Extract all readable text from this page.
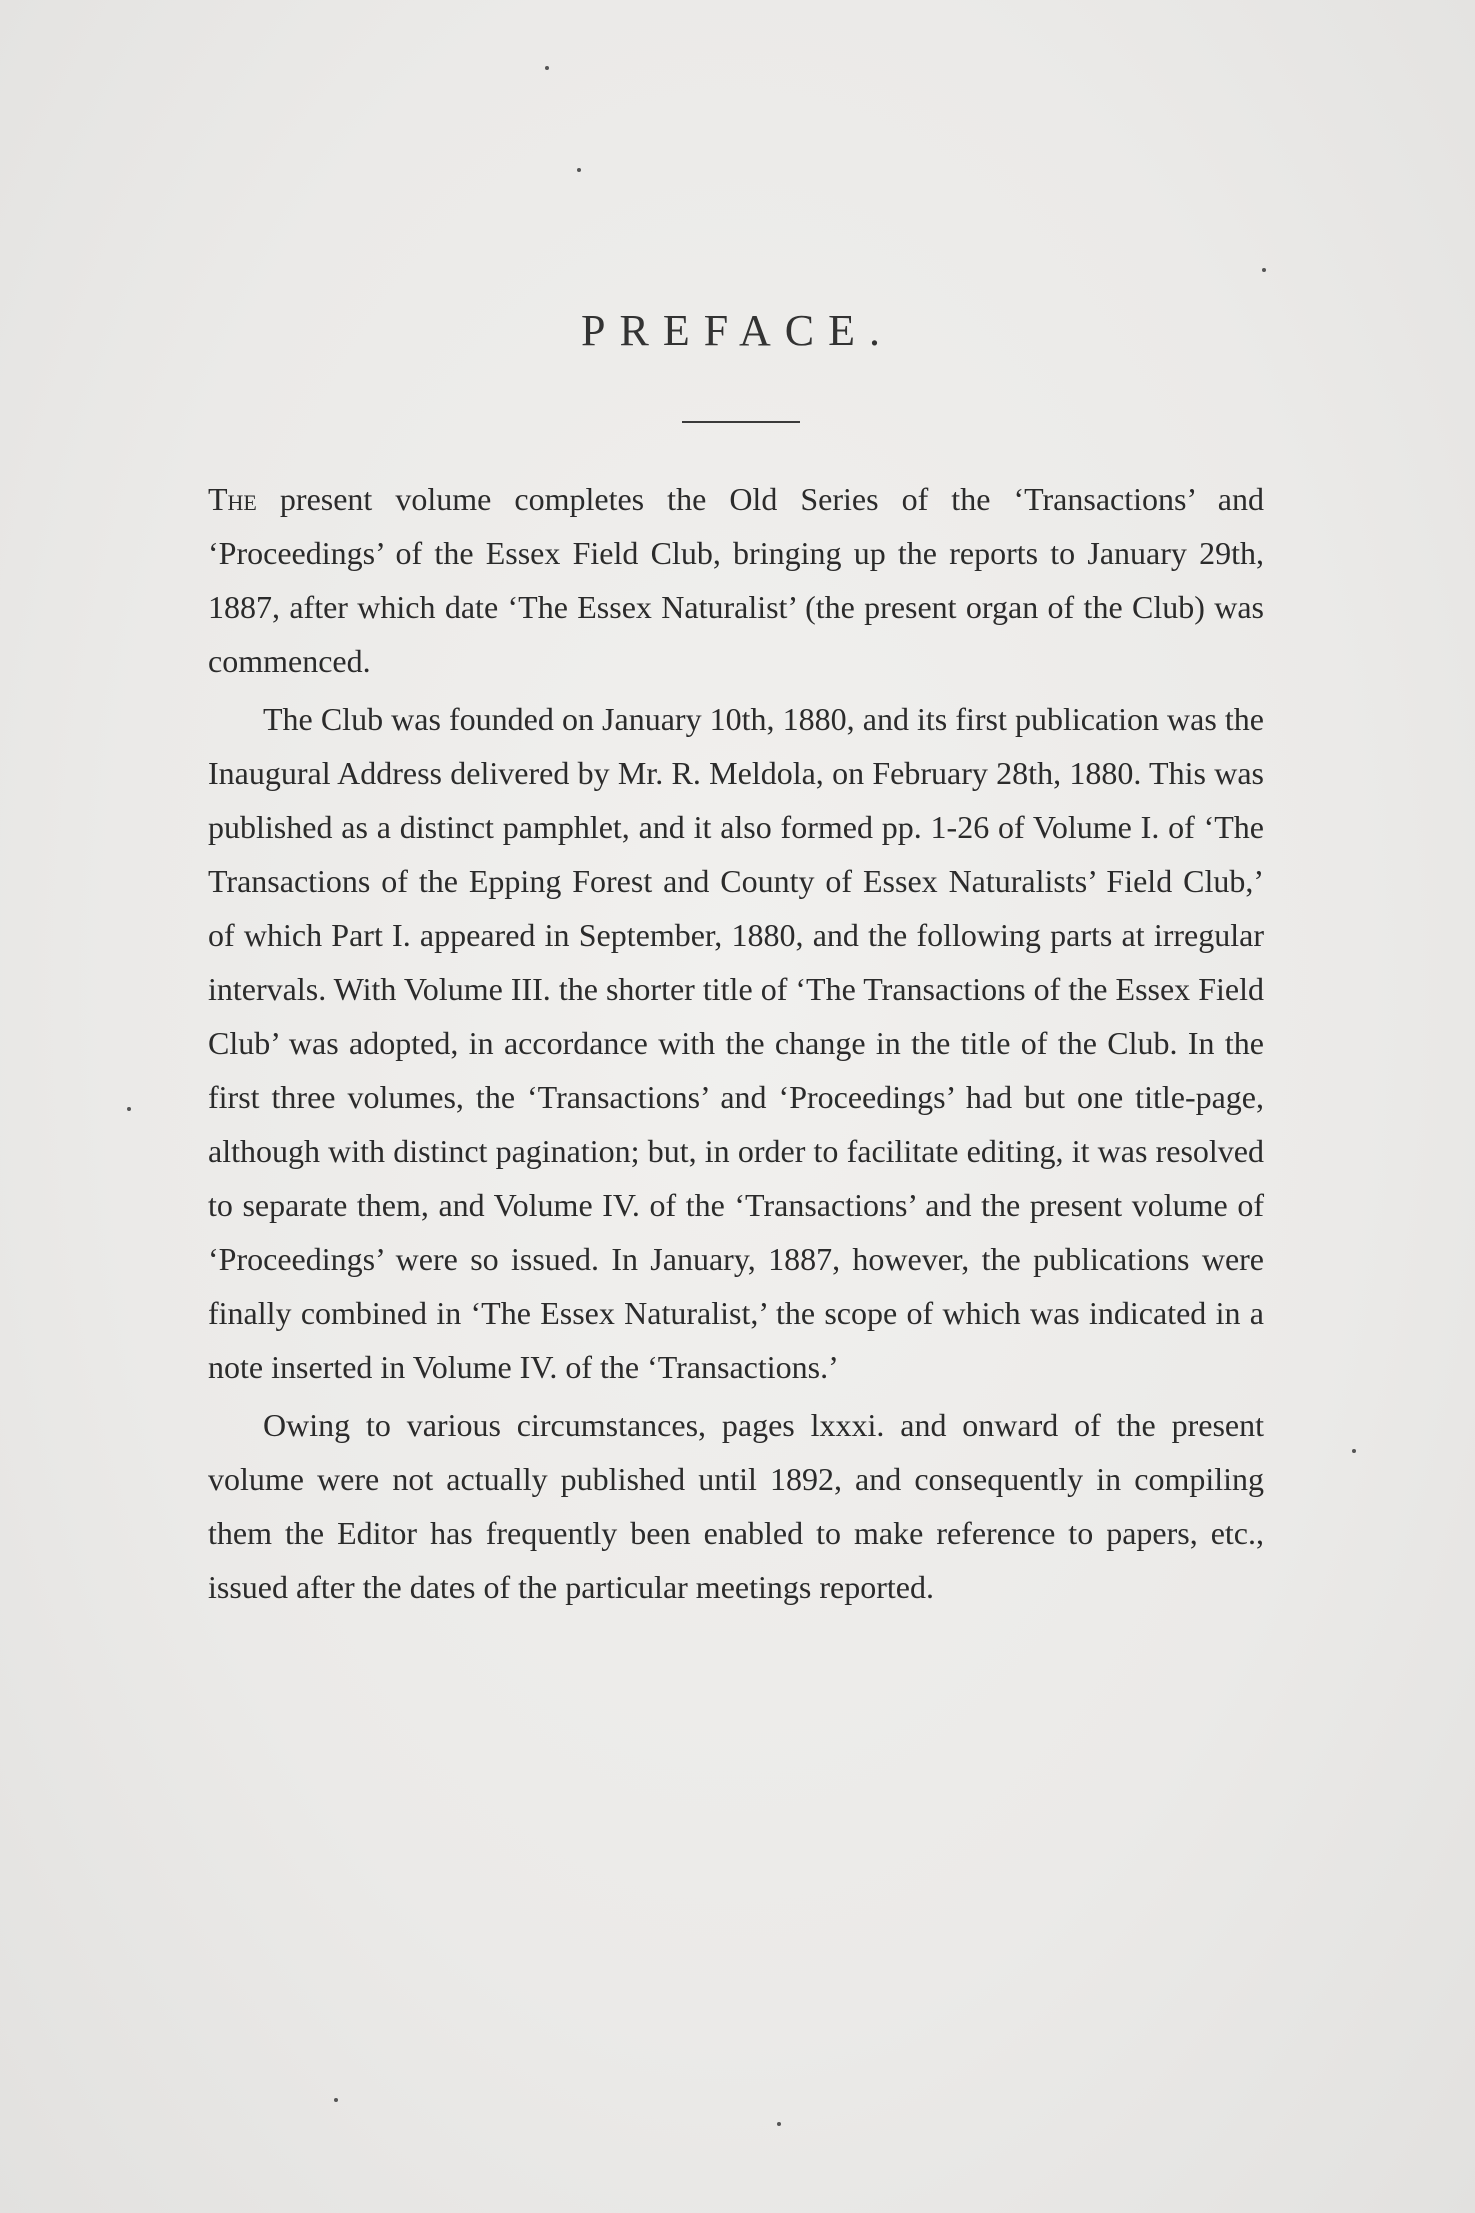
PREFACE.

The present volume completes the Old Series of the ‘Transactions’ and ‘Proceedings’ of the Essex Field Club, bringing up the reports to January 29th, 1887, after which date ‘The Essex Naturalist’ (the present organ of the Club) was commenced.

The Club was founded on January 10th, 1880, and its first publication was the Inaugural Address delivered by Mr. R. Meldola, on February 28th, 1880. This was published as a distinct pamphlet, and it also formed pp. 1-26 of Volume I. of ‘The Transactions of the Epping Forest and County of Essex Naturalists’ Field Club,’ of which Part I. appeared in September, 1880, and the following parts at irregular intervals. With Volume III. the shorter title of ‘The Transactions of the Essex Field Club’ was adopted, in accordance with the change in the title of the Club. In the first three volumes, the ‘Transactions’ and ‘Proceedings’ had but one title-page, although with distinct pagination; but, in order to facilitate editing, it was resolved to separate them, and Volume IV. of the ‘Transactions’ and the present volume of ‘Proceedings’ were so issued. In January, 1887, however, the publications were finally combined in ‘The Essex Naturalist,’ the scope of which was indicated in a note inserted in Volume IV. of the ‘Transactions.’

Owing to various circumstances, pages lxxxi. and onward of the present volume were not actually published until 1892, and consequently in compiling them the Editor has frequently been enabled to make reference to papers, etc., issued after the dates of the particular meetings reported.
